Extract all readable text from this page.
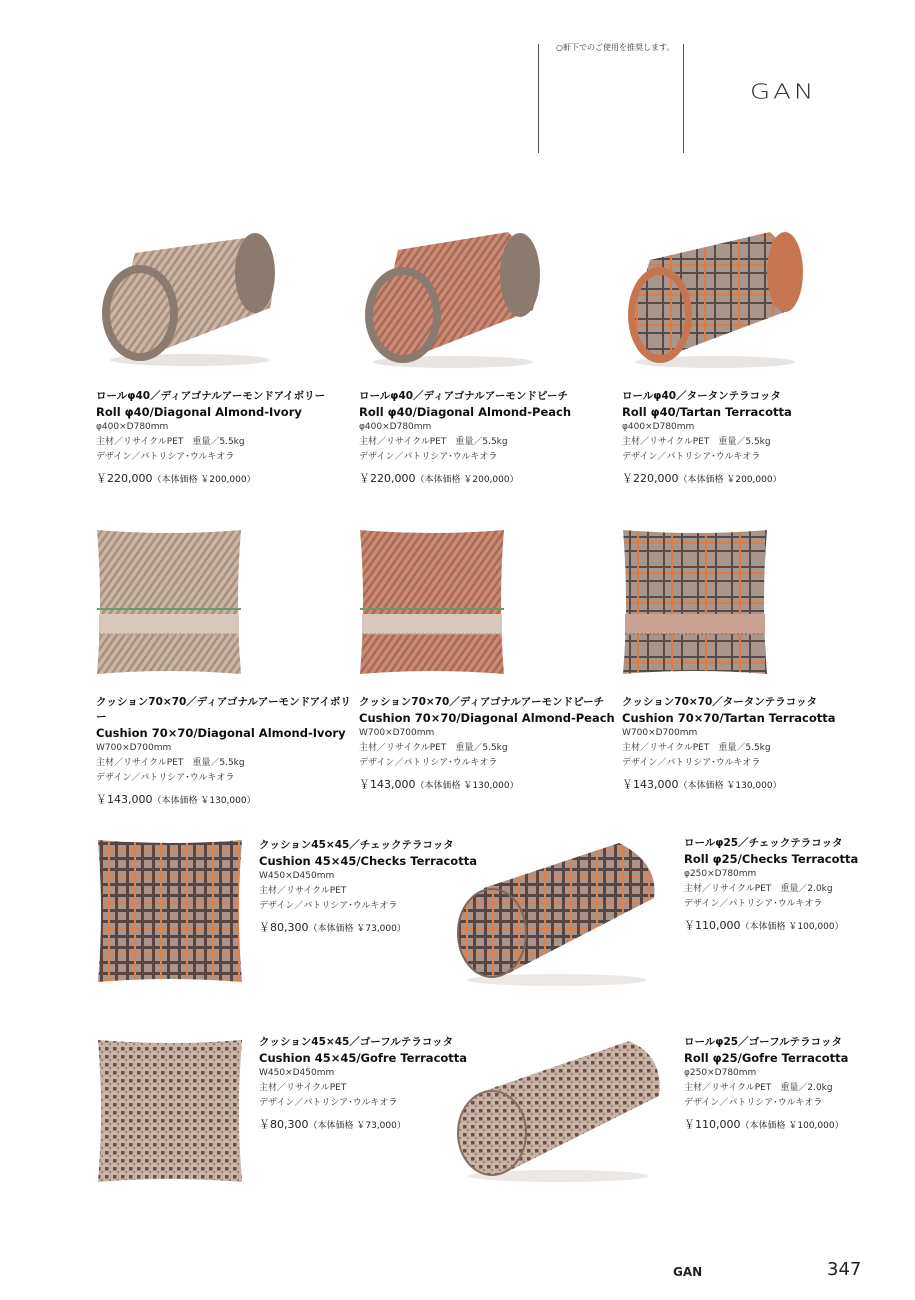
○軒下でのご使用を推奨します。
GAN
ロールφ40／ディアゴナルアーモンドアイボリー
Roll φ40/Diagonal Almond-Ivory
φ400×D780mm
主材／リサイクルPET　重量／5.5kg
デザイン／パトリシア･ウルキオラ
￥220,000（本体価格 ￥200,000）
ロールφ40／ディアゴナルアーモンドピーチ
Roll φ40/Diagonal Almond-Peach
φ400×D780mm
主材／リサイクルPET　重量／5.5kg
デザイン／パトリシア･ウルキオラ
￥220,000（本体価格 ￥200,000）
ロールφ40／タータンテラコッタ
Roll φ40/Tartan Terracotta
φ400×D780mm
主材／リサイクルPET　重量／5.5kg
デザイン／パトリシア･ウルキオラ
￥220,000（本体価格 ￥200,000）
クッション70×70／ディアゴナルアーモンドアイボリー
Cushion 70×70/Diagonal Almond-Ivory
W700×D700mm
主材／リサイクルPET　重量／5.5kg
デザイン／パトリシア･ウルキオラ
￥143,000（本体価格 ￥130,000）
クッション70×70／ディアゴナルアーモンドピーチ
Cushion 70×70/Diagonal Almond-Peach
W700×D700mm
主材／リサイクルPET　重量／5.5kg
デザイン／パトリシア･ウルキオラ
￥143,000（本体価格 ￥130,000）
クッション70×70／タータンテラコッタ
Cushion 70×70/Tartan Terracotta
W700×D700mm
主材／リサイクルPET　重量／5.5kg
デザイン／パトリシア･ウルキオラ
￥143,000（本体価格 ￥130,000）
クッション45×45／チェックテラコッタ
Cushion 45×45/Checks Terracotta
W450×D450mm
主材／リサイクルPET
デザイン／パトリシア･ウルキオラ
￥80,300（本体価格 ￥73,000）
ロールφ25／チェックテラコッタ
Roll φ25/Checks Terracotta
φ250×D780mm
主材／リサイクルPET　重量／2.0kg
デザイン／パトリシア･ウルキオラ
￥110,000（本体価格 ￥100,000）
クッション45×45／ゴーフルテラコッタ
Cushion 45×45/Gofre Terracotta
W450×D450mm
主材／リサイクルPET
デザイン／パトリシア･ウルキオラ
￥80,300（本体価格 ￥73,000）
ロールφ25／ゴーフルテラコッタ
Roll φ25/Gofre Terracotta
φ250×D780mm
主材／リサイクルPET　重量／2.0kg
デザイン／パトリシア･ウルキオラ
￥110,000（本体価格 ￥100,000）
GAN	347
